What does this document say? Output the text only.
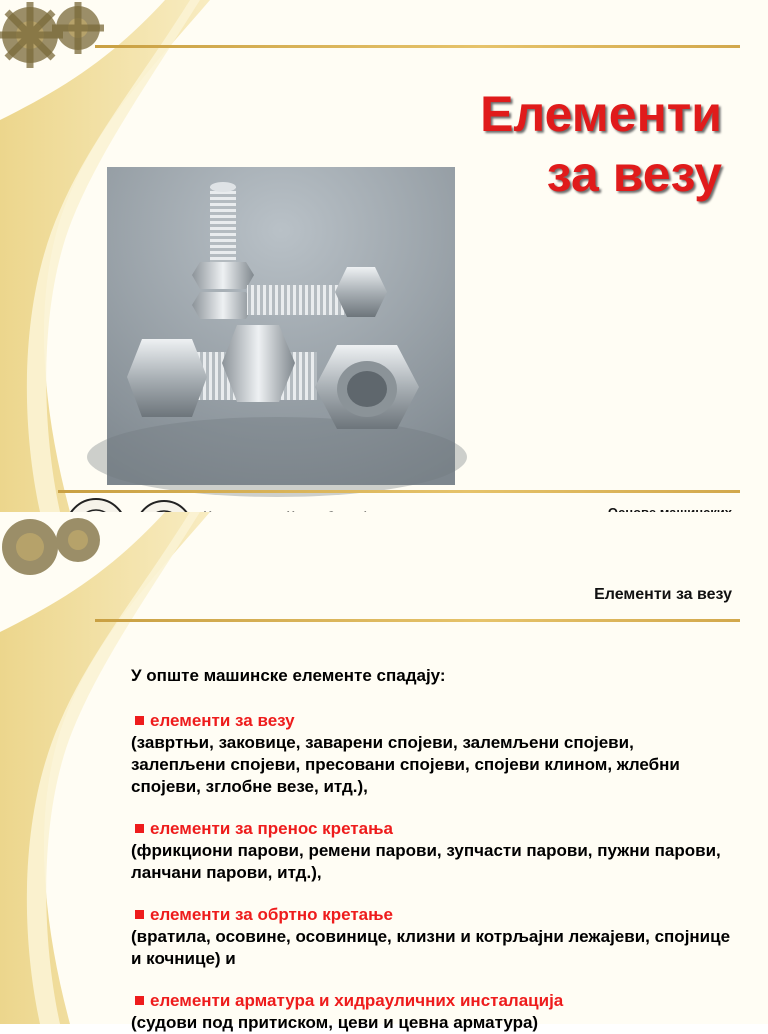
Елементи
за везу
Елементи за везу
У опште машинске елементе спадају:
елементи за везу
(завртњи, заковице, заварени спојеви, залемљени спојеви, залепљени спојеви, пресовани спојеви, спојеви клином, жлебни спојеви, зглобне везе, итд.),
елементи за пренос кретања
(фрикциони парови, ремени парови, зупчасти парови, пужни парови, ланчани парови, итд.),
елементи за обртно кретање
(вратила, осовине, осовинице, клизни и котрљајни лежајеви, спојнице и кочнице) и
елементи арматура и хидрауличних инсталација
(судови под притиском, цеви и цевна арматура)
